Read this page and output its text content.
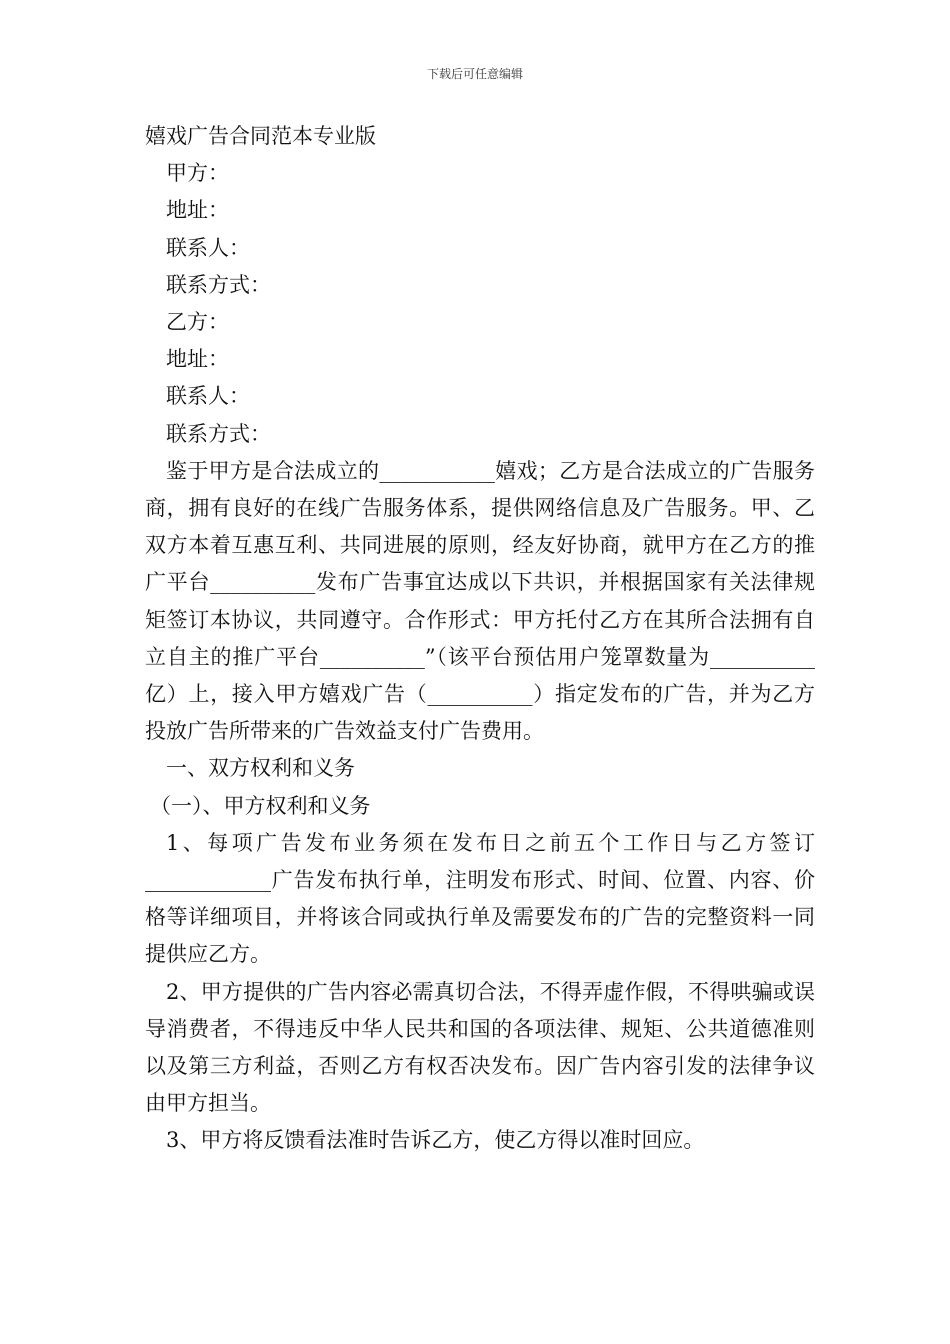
下载后可任意编辑

嬉戏广告合同范本专业版

甲方：

地址：

联系人：

联系方式：

乙方：

地址：

联系人：

联系方式：

鉴于甲方是合法成立的___________嬉戏；乙方是合法成立的广告服务商，拥有良好的在线广告服务体系，提供网络信息及广告服务。甲、乙双方本着互惠互利、共同进展的原则，经友好协商，就甲方在乙方的推广平台__________发布广告事宜达成以下共识，并根据国家有关法律规矩签订本协议，共同遵守。合作形式：甲方托付乙方在其所合法拥有自立自主的推广平台__________”（该平台预估用户笼罩数量为__________亿）上，接入甲方嬉戏广告（__________）指定发布的广告，并为乙方投放广告所带来的广告效益支付广告费用。

一、双方权利和义务

（一）、甲方权利和义务

1、每项广告发布业务须在发布日之前五个工作日与乙方签订____________广告发布执行单，注明发布形式、时间、位置、内容、价格等详细项目，并将该合同或执行单及需要发布的广告的完整资料一同提供应乙方。

2、甲方提供的广告内容必需真切合法，不得弄虚作假，不得哄骗或误导消费者，不得违反中华人民共和国的各项法律、规矩、公共道德准则以及第三方利益，否则乙方有权否决发布。因广告内容引发的法律争议由甲方担当。

3、甲方将反馈看法准时告诉乙方，使乙方得以准时回应。
